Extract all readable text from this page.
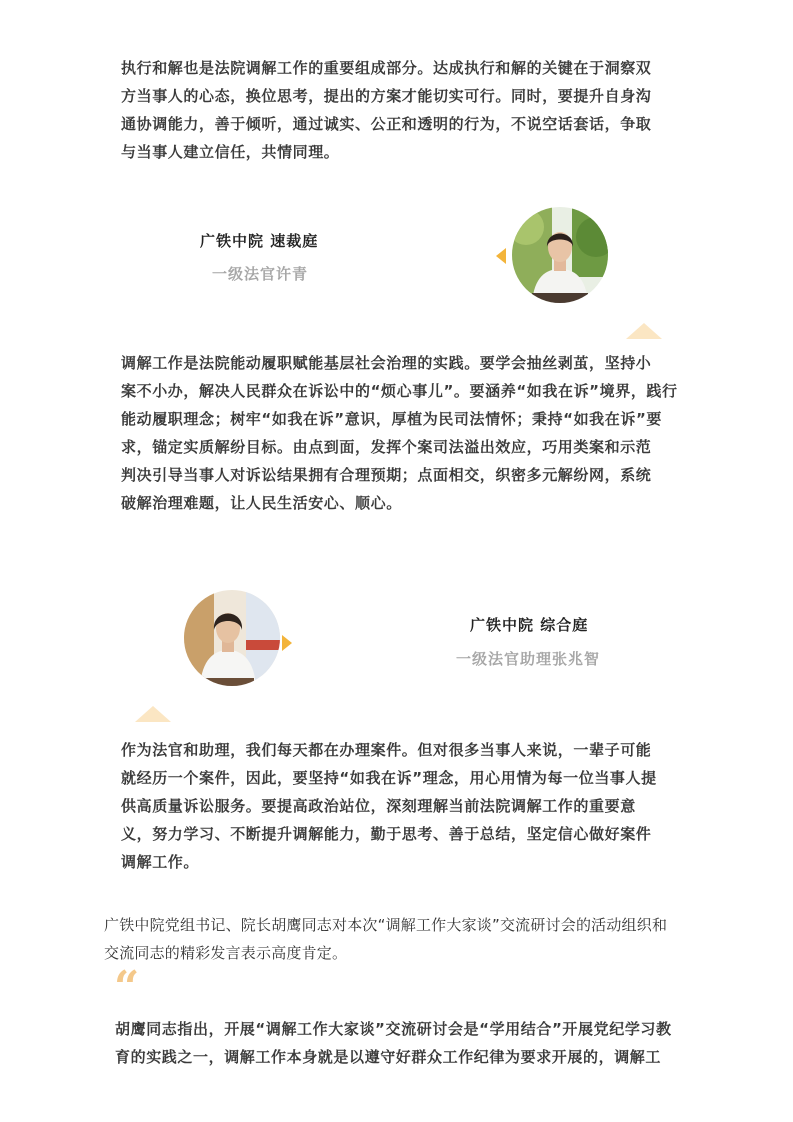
执行和解也是法院调解工作的重要组成部分。达成执行和解的关键在于洞察双
方当事人的心态，换位思考，提出的方案才能切实可行。同时，要提升自身沟
通协调能力，善于倾听，通过诚实、公正和透明的行为，不说空话套话，争取
与当事人建立信任，共情同理。

广铁中院 速裁庭

一级法官许青

调解工作是法院能动履职赋能基层社会治理的实践。要学会抽丝剥茧，坚持小
案不小办，解决人民群众在诉讼中的“烦心事儿”。要涵养“如我在诉”境界，践行
能动履职理念；树牢“如我在诉”意识，厚植为民司法情怀；秉持“如我在诉”要
求，锚定实质解纷目标。由点到面，发挥个案司法溢出效应，巧用类案和示范
判决引导当事人对诉讼结果拥有合理预期；点面相交，织密多元解纷网，系统
破解治理难题，让人民生活安心、顺心。

广铁中院 综合庭

一级法官助理张兆智

作为法官和助理，我们每天都在办理案件。但对很多当事人来说，一辈子可能
就经历一个案件，因此，要坚持“如我在诉”理念，用心用情为每一位当事人提
供高质量诉讼服务。要提高政治站位，深刻理解当前法院调解工作的重要意
义，努力学习、不断提升调解能力，勤于思考、善于总结，坚定信心做好案件
调解工作。
广铁中院党组书记、院长胡鹰同志对本次“调解工作大家谈”交流研讨会的活动组织和
交流同志的精彩发言表示高度肯定。

“

胡鹰同志指出，开展“调解工作大家谈”交流研讨会是“学用结合”开展党纪学习教
育的实践之一，调解工作本身就是以遵守好群众工作纪律为要求开展的，调解工
